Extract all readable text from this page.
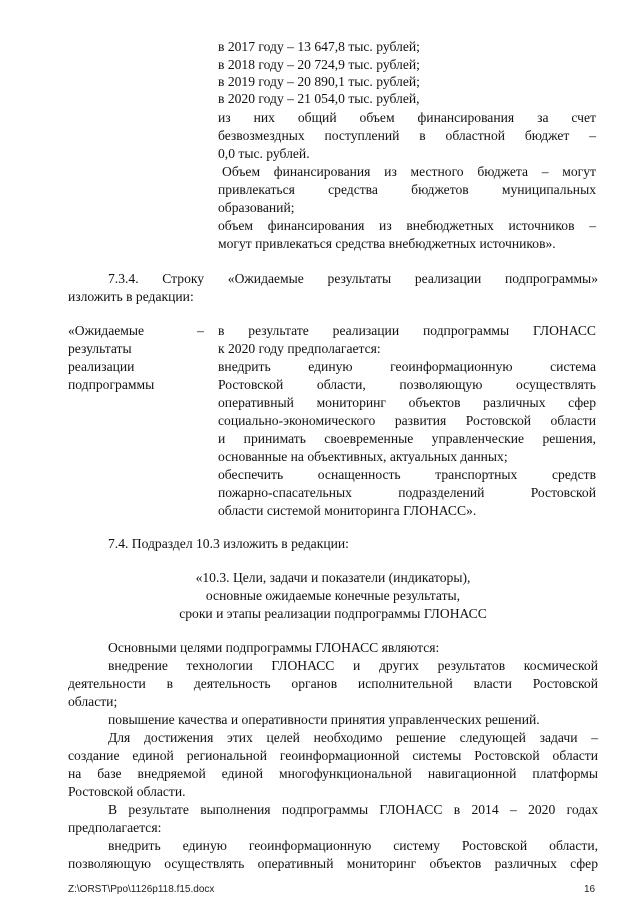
в 2017 году – 13 647,8 тыс. рублей;
в 2018 году – 20 724,9 тыс. рублей;
в 2019 году – 20 890,1 тыс. рублей;
в 2020 году – 21 054,0 тыс. рублей,
из них общий объем финансирования за счет
безвозмездных поступлений в областной бюджет –
0,0 тыс. рублей.
Объем финансирования из местного бюджета – могут
привлекаться средства бюджетов муниципальных
образований;
объем финансирования из внебюджетных источников –
могут привлекаться средства внебюджетных источников».
7.3.4. Строку «Ожидаемые результаты реализации подпрограммы»
изложить в редакции:
«Ожидаемые
результаты
реализации
подпрограммы
– в результате реализации подпрограммы ГЛОНАСС
к 2020 году предполагается:
внедрить единую геоинформационную система
Ростовской области, позволяющую осуществлять
оперативный мониторинг объектов различных сфер
социально-экономического развития Ростовской области
и принимать своевременные управленческие решения,
основанные на объективных, актуальных данных;
обеспечить оснащенность транспортных средств
пожарно-спасательных подразделений Ростовской
области системой мониторинга ГЛОНАСС».
7.4. Подраздел 10.3 изложить в редакции:
«10.3. Цели, задачи и показатели (индикаторы),
основные ожидаемые конечные результаты,
сроки и этапы реализации подпрограммы ГЛОНАСС
Основными целями подпрограммы ГЛОНАСС являются:
внедрение технологии ГЛОНАСС и других результатов космической
деятельности в деятельность органов исполнительной власти Ростовской
области;
повышение качества и оперативности принятия управленческих решений.
Для достижения этих целей необходимо решение следующей задачи –
создание единой региональной геоинформационной системы Ростовской области
на базе внедряемой единой многофункциональной навигационной платформы
Ростовской области.
В результате выполнения подпрограммы ГЛОНАСС в 2014 – 2020 годах
предполагается:
внедрить единую геоинформационную систему Ростовской области,
позволяющую осуществлять оперативный мониторинг объектов различных сфер
Z:\ORST\Ppo\1126p118.f15.docx	16
